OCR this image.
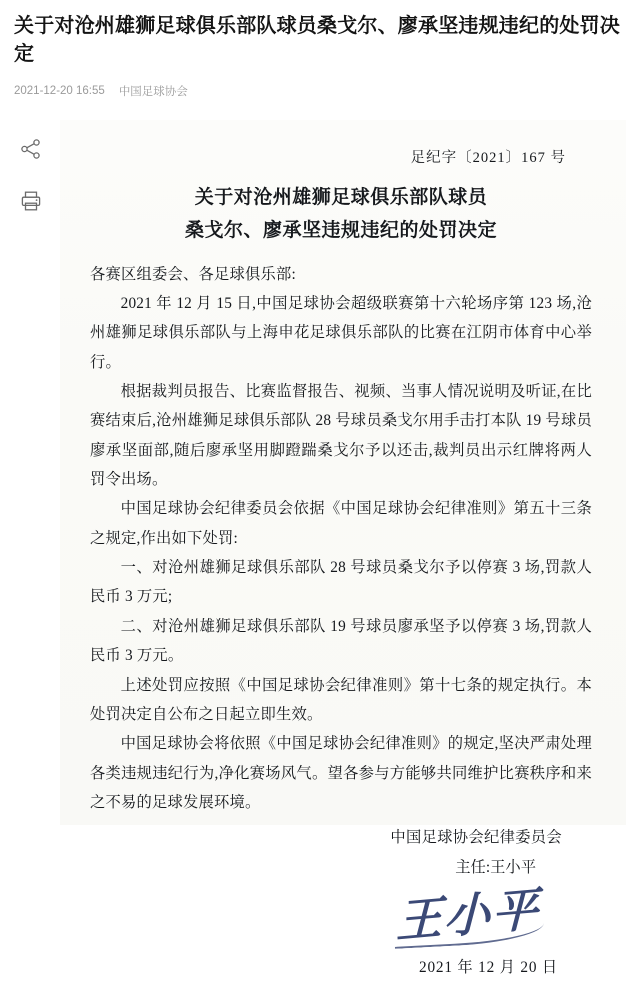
关于对沧州雄狮足球俱乐部队球员桑戈尔、廖承坚违规违纪的处罚决定
2021-12-20 16:55 中国足球协会
足纪字〔2021〕167 号
关于对沧州雄狮足球俱乐部队球员
桑戈尔、廖承坚违规违纪的处罚决定

各赛区组委会、各足球俱乐部:

2021 年 12 月 15 日,中国足球协会超级联赛第十六轮场序第 123 场,沧州雄狮足球俱乐部队与上海申花足球俱乐部队的比赛在江阴市体育中心举行。

根据裁判员报告、比赛监督报告、视频、当事人情况说明及听证,在比赛结束后,沧州雄狮足球俱乐部队 28 号球员桑戈尔用手击打本队 19 号球员廖承坚面部,随后廖承坚用脚蹬踹桑戈尔予以还击,裁判员出示红牌将两人罚令出场。

中国足球协会纪律委员会依据《中国足球协会纪律准则》第五十三条之规定,作出如下处罚:

一、对沧州雄狮足球俱乐部队 28 号球员桑戈尔予以停赛 3 场,罚款人民币 3 万元;

二、对沧州雄狮足球俱乐部队 19 号球员廖承坚予以停赛 3 场,罚款人民币 3 万元。

上述处罚应按照《中国足球协会纪律准则》第十七条的规定执行。本处罚决定自公布之日起立即生效。

中国足球协会将依照《中国足球协会纪律准则》的规定,坚决严肃处理各类违规违纪行为,净化赛场风气。望各参与方能够共同维护比赛秩序和来之不易的足球发展环境。

中国足球协会纪律委员会
主任:王小平
王小平
2021 年 12 月 20 日
